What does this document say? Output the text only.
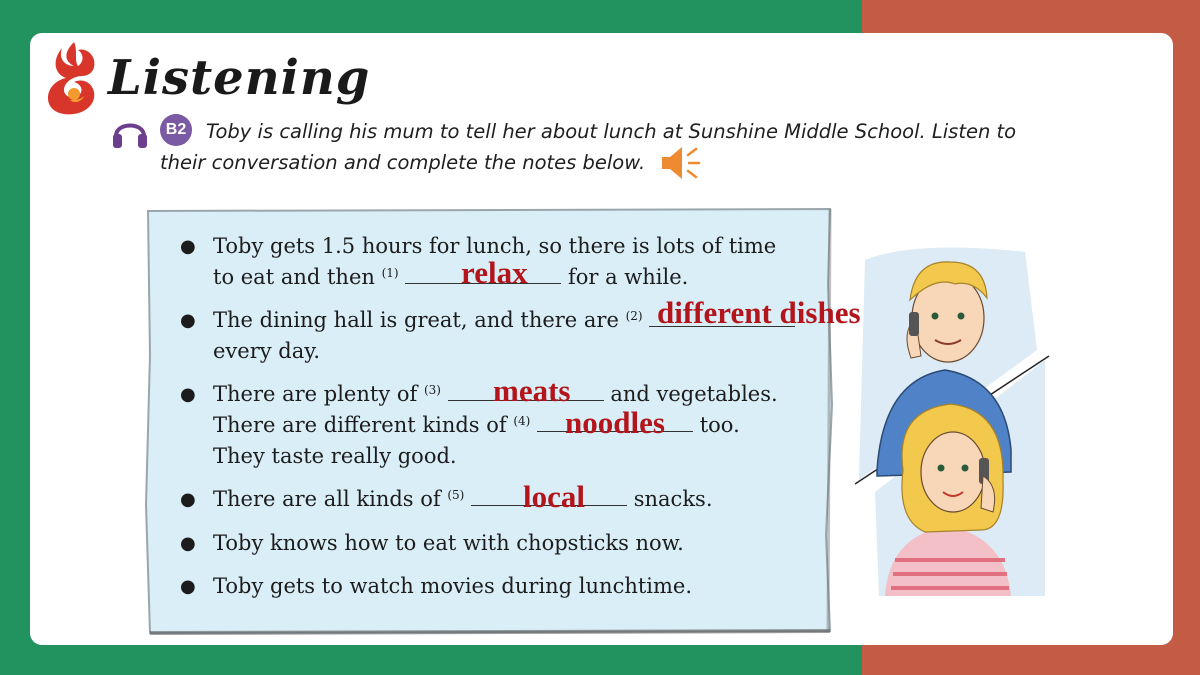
Listening
B2	Toby is calling his mum to tell her about lunch at Sunshine Middle School. Listen to their conversation and complete the notes below.
● Toby gets 1.5 hours for lunch, so there is lots of time
to eat and then $^{(1)}$	for a while.
● The dining hall is great, and there are $^{(2)}$
every day.
● There are plenty of $^{(3)}$	and vegetables.
There are different kinds of $^{(4)}$	too.
They taste really good.
● There are all kinds of $^{(5)}$	snacks.
● Toby knows how to eat with chopsticks now.
● Toby gets to watch movies during lunchtime.
relax
different dishes
meats
noodles
local
